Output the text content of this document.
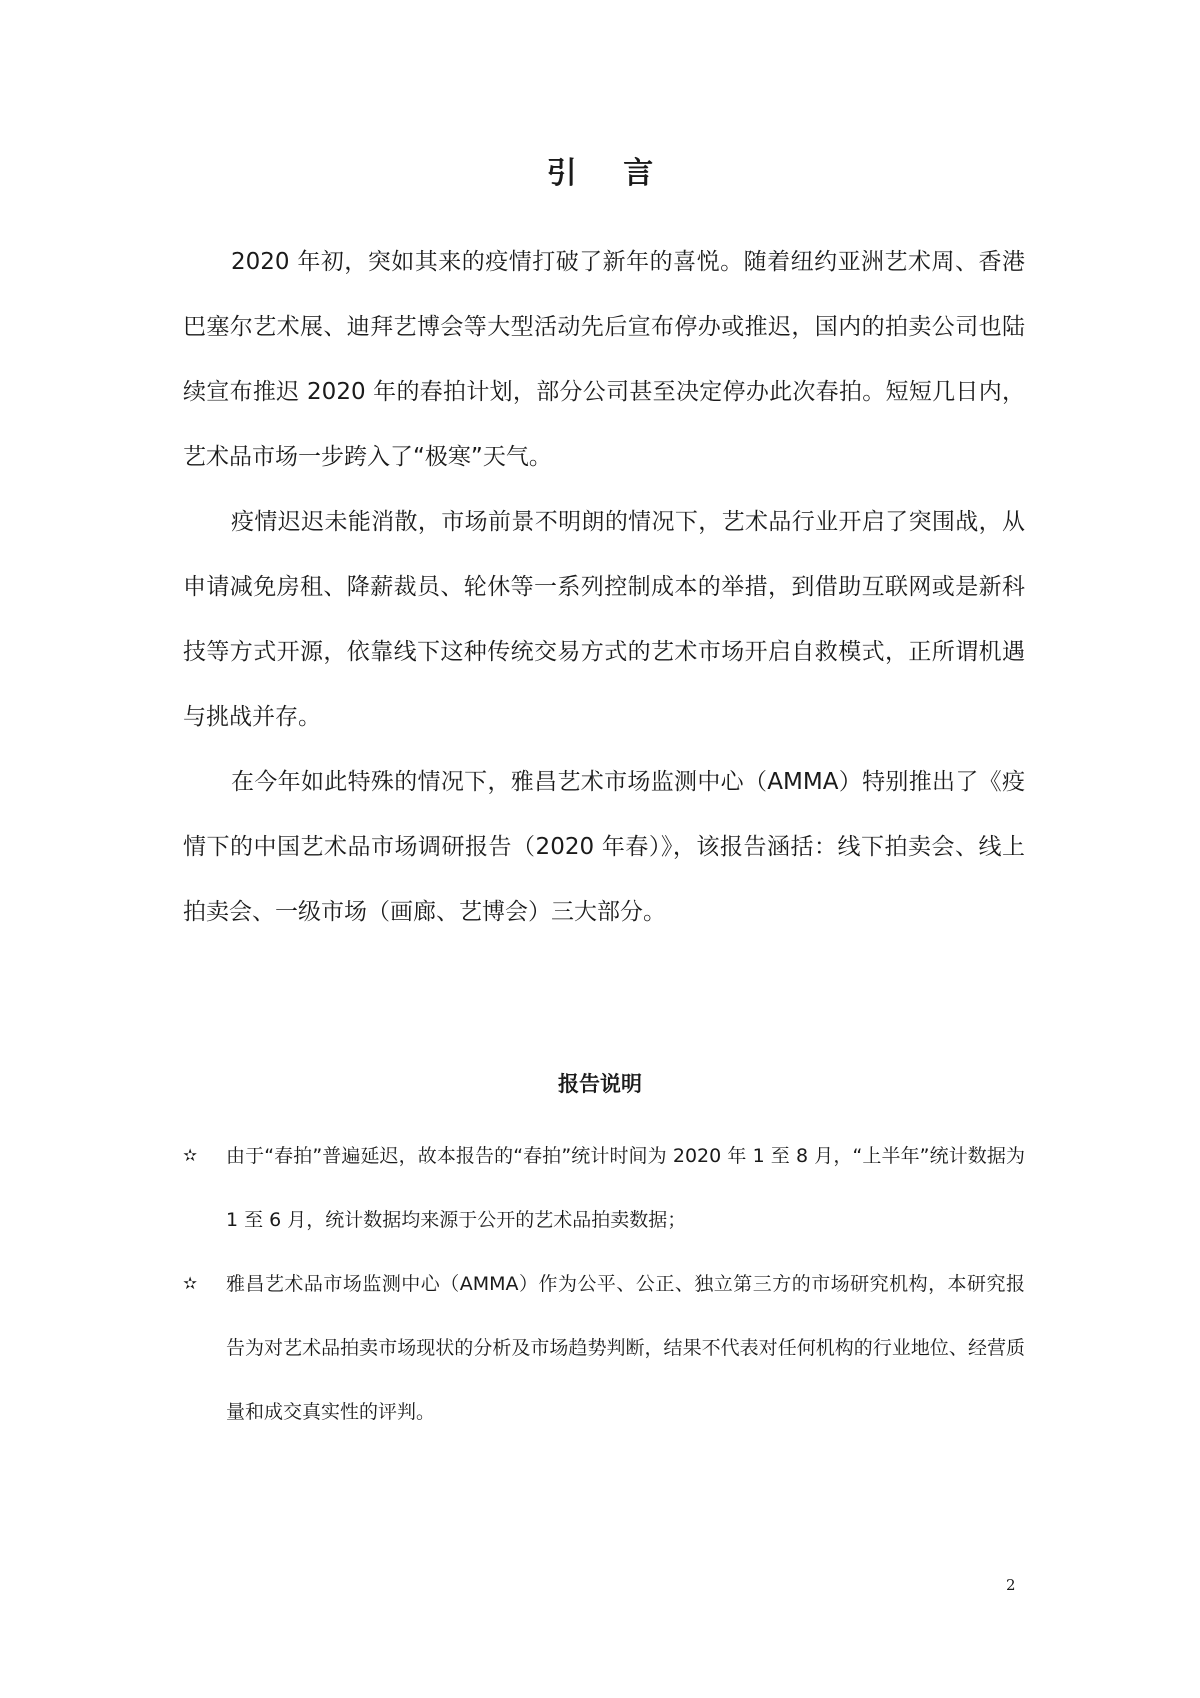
引 言

2020 年初，突如其来的疫情打破了新年的喜悦。随着纽约亚洲艺术周、香港巴塞尔艺术展、迪拜艺博会等大型活动先后宣布停办或推迟，国内的拍卖公司也陆续宣布推迟 2020 年的春拍计划，部分公司甚至决定停办此次春拍。短短几日内，艺术品市场一步跨入了“极寒”天气。

疫情迟迟未能消散，市场前景不明朗的情况下，艺术品行业开启了突围战，从申请减免房租、降薪裁员、轮休等一系列控制成本的举措，到借助互联网或是新科技等方式开源，依靠线下这种传统交易方式的艺术市场开启自救模式，正所谓机遇与挑战并存。

在今年如此特殊的情况下，雅昌艺术市场监测中心（AMMA）特别推出了《疫情下的中国艺术品市场调研报告（2020 年春）》，该报告涵括：线下拍卖会、线上拍卖会、一级市场（画廊、艺博会）三大部分。

报告说明
✫ 由于“春拍”普遍延迟，故本报告的“春拍”统计时间为 2020 年 1 至 8 月，“上半年”统计数据为 1 至 6 月，统计数据均来源于公开的艺术品拍卖数据；
✫ 雅昌艺术品市场监测中心（AMMA）作为公平、公正、独立第三方的市场研究机构，本研究报告为对艺术品拍卖市场现状的分析及市场趋势判断，结果不代表对任何机构的行业地位、经营质量和成交真实性的评判。
2
